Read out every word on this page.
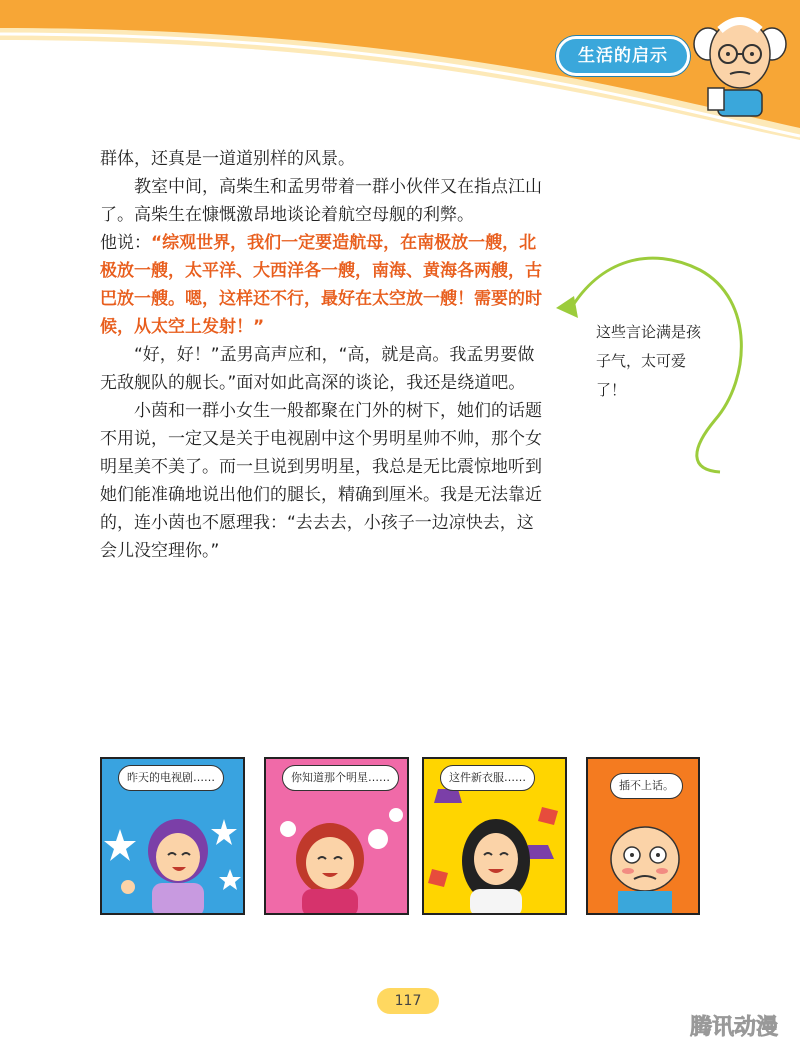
生活的启示

群体，还真是一道道别样的风景。

教室中间，高柴生和孟男带着一群小伙伴又在指点江山了。高柴生在慷慨激昂地谈论着航空母舰的利弊。

他说：“综观世界，我们一定要造航母，在南极放一艘，北极放一艘，太平洋、大西洋各一艘，南海、黄海各两艘，古巴放一艘。嗯，这样还不行，最好在太空放一艘！需要的时候，从太空上发射！”

“好，好！”孟男高声应和，“高，就是高。我孟男要做无敌舰队的舰长。”面对如此高深的谈论，我还是绕道吧。

小茵和一群小女生一般都聚在门外的树下，她们的话题不用说，一定又是关于电视剧中这个男明星帅不帅，那个女明星美不美了。而一旦说到男明星，我总是无比震惊地听到她们能准确地说出他们的腿长，精确到厘米。我是无法靠近的，连小茵也不愿理我：“去去去，小孩子一边凉快去，这会儿没空理你。”

这些言论满是孩子气，太可爱了！
昨天的电视剧……	你知道那个明星……	这件新衣服……
插不上话。
117
腾讯动漫
